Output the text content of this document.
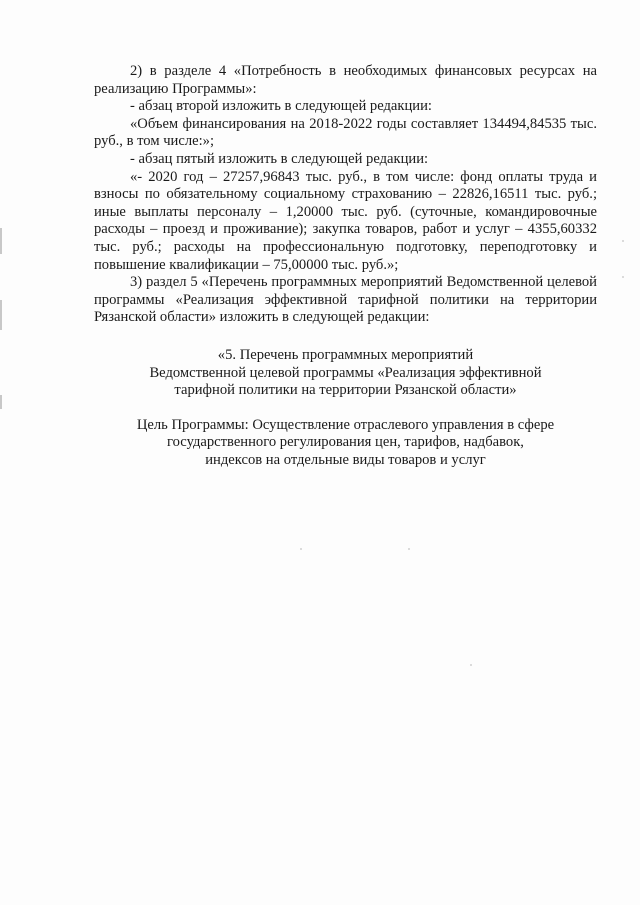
2) в разделе 4 «Потребность в необходимых финансовых ресурсах на реализацию Программы»:

- абзац второй изложить в следующей редакции:

«Объем финансирования на 2018-2022 годы составляет 134494,84535 тыс. руб., в том числе:»;

- абзац пятый изложить в следующей редакции:

«- 2020 год – 27257,96843 тыс. руб., в том числе: фонд оплаты труда и взносы по обязательному социальному страхованию – 22826,16511 тыс. руб.; иные выплаты персоналу – 1,20000 тыс. руб. (суточные, командировочные расходы – проезд и проживание); закупка товаров, работ и услуг – 4355,60332 тыс. руб.; расходы на профессиональную подготовку, переподготовку и повышение квалификации – 75,00000 тыс. руб.»;

3) раздел 5 «Перечень программных мероприятий Ведомственной целевой программы «Реализация эффективной тарифной политики на территории Рязанской области» изложить в следующей редакции:

«5. Перечень программных мероприятий

Ведомственной целевой программы «Реализация эффективной

тарифной политики на территории Рязанской области»

Цель Программы: Осуществление отраслевого управления в сфере

государственного регулирования цен, тарифов, надбавок,

индексов на отдельные виды товаров и услуг
